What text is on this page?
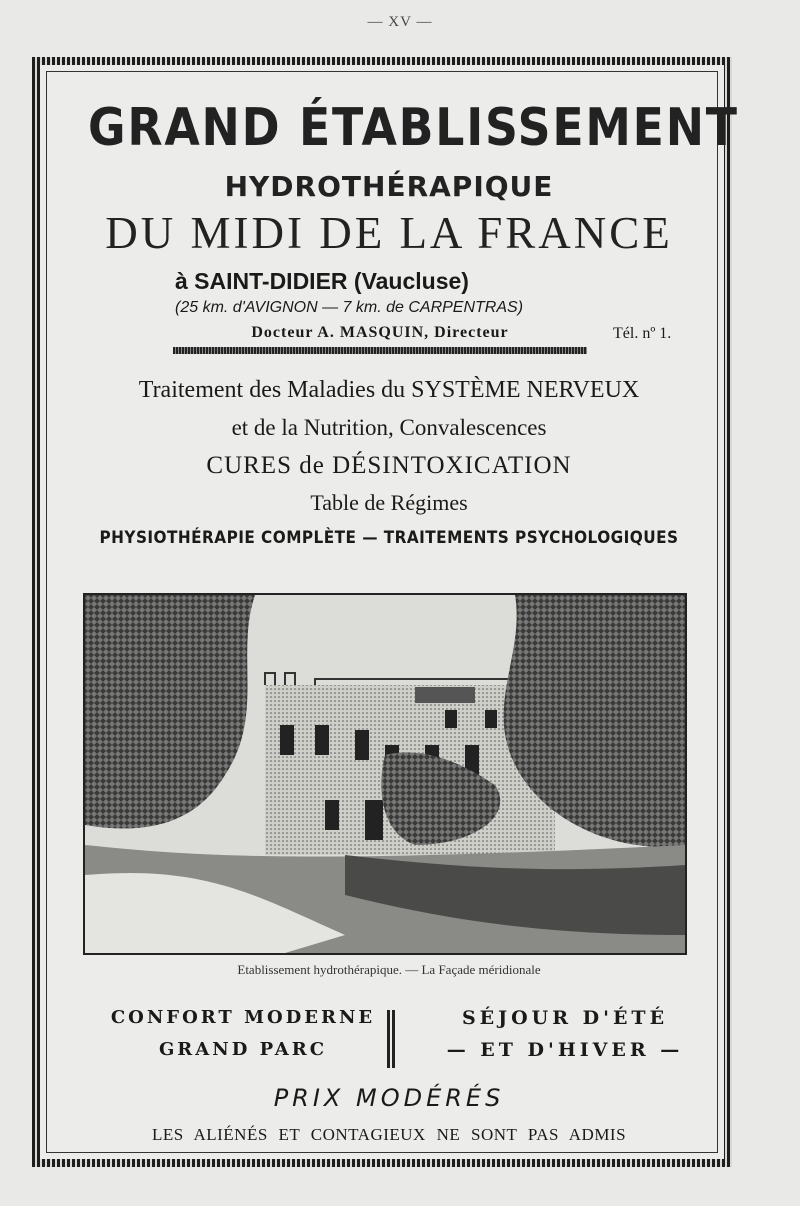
— XV —
GRAND ÉTABLISSEMENT
HYDROTHÉRAPIQUE
DU MIDI DE LA FRANCE
à SAINT-DIDIER (Vaucluse)
(25 km. d'AVIGNON — 7 km. de CARPENTRAS)
Docteur A. MASQUIN, Directeur	Tél. nº 1.
Traitement des Maladies du SYSTÈME NERVEUX
et de la Nutrition, Convalescences
CURES de DÉSINTOXICATION
Table de Régimes
PHYSIOTHÉRAPIE COMPLÈTE — TRAITEMENTS PSYCHOLOGIQUES
Etablissement hydrothérapique. — La Façade méridionale
CONFORT MODERNE
GRAND PARC
SÉJOUR D'ÉTÉ
— ET D'HIVER —
PRIX MODÉRÉS
LES ALIÉNÉS ET CONTAGIEUX NE SONT PAS ADMIS
